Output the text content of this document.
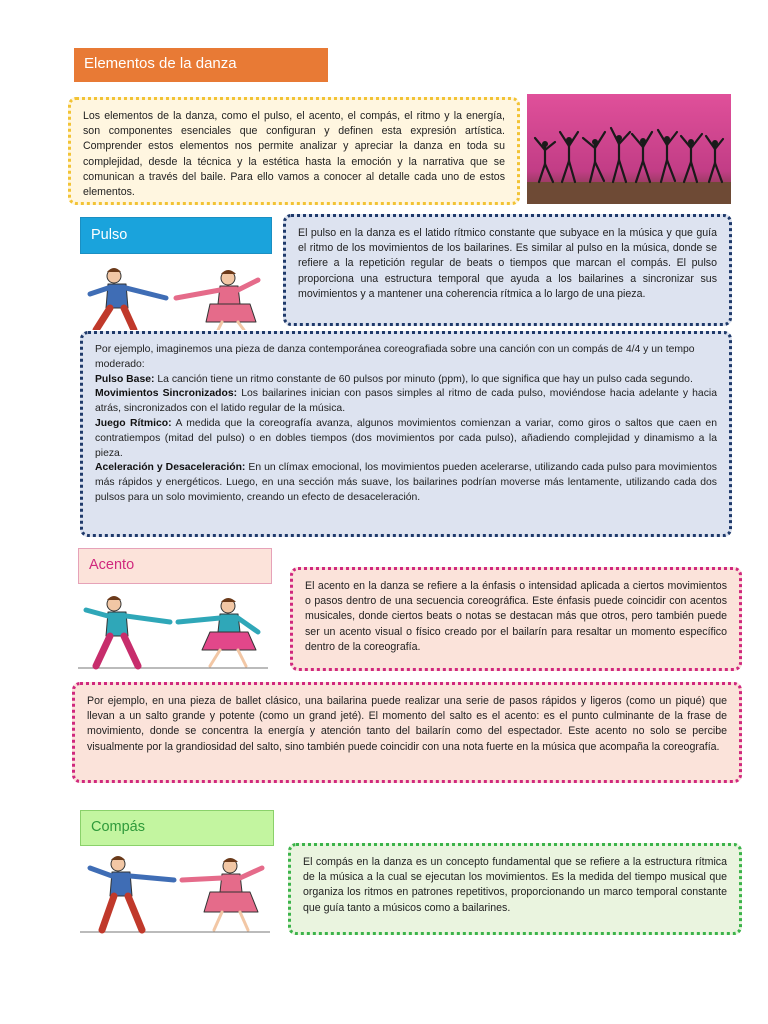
Elementos de la danza

Los elementos de la danza, como el pulso, el acento, el compás, el ritmo y la energía, son componentes esenciales que configuran y definen esta expresión artística. Comprender estos elementos nos permite analizar y apreciar la danza en toda su complejidad, desde la técnica y la estética hasta la emoción y la narrativa que se comunican a través del baile. Para ello vamos a conocer al detalle cada uno de estos elementos.

Pulso	El pulso en la danza es el latido rítmico constante que subyace en la música y que guía el ritmo de los movimientos de los bailarines. Es similar al pulso en la música, donde se refiere a la repetición regular de beats o tiempos que marcan el compás. El pulso proporciona una estructura temporal que ayuda a los bailarines a sincronizar sus movimientos y a mantener una coherencia rítmica a lo largo de una pieza.

Por ejemplo, imaginemos una pieza de danza contemporánea coreografiada sobre una canción con un compás de 4/4 y un tempo moderado:

Pulso Base: La canción tiene un ritmo constante de 60 pulsos por minuto (ppm), lo que significa que hay un pulso cada segundo.

Movimientos Sincronizados: Los bailarines inician con pasos simples al ritmo de cada pulso, moviéndose hacia adelante y hacia atrás, sincronizados con el latido regular de la música.

Juego Rítmico: A medida que la coreografía avanza, algunos movimientos comienzan a variar, como giros o saltos que caen en contratiempos (mitad del pulso) o en dobles tiempos (dos movimientos por cada pulso), añadiendo complejidad y dinamismo a la pieza.

Aceleración y Desaceleración: En un clímax emocional, los movimientos pueden acelerarse, utilizando cada pulso para movimientos más rápidos y energéticos. Luego, en una sección más suave, los bailarines podrían moverse más lentamente, utilizando cada dos pulsos para un solo movimiento, creando un efecto de desaceleración.

Acento

El acento en la danza se refiere a la énfasis o intensidad aplicada a ciertos movimientos o pasos dentro de una secuencia coreográfica. Este énfasis puede coincidir con acentos musicales, donde ciertos beats o notas se destacan más que otros, pero también puede ser un acento visual o físico creado por el bailarín para resaltar un momento específico dentro de la coreografía.

Por ejemplo, en una pieza de ballet clásico, una bailarina puede realizar una serie de pasos rápidos y ligeros (como un piqué) que llevan a un salto grande y potente (como un grand jeté). El momento del salto es el acento: es el punto culminante de la frase de movimiento, donde se concentra la energía y atención tanto del bailarín como del espectador. Este acento no solo se percibe visualmente por la grandiosidad del salto, sino también puede coincidir con una nota fuerte en la música que acompaña la coreografía.

Compás

El compás en la danza es un concepto fundamental que se refiere a la estructura rítmica de la música a la cual se ejecutan los movimientos. Es la medida del tiempo musical que organiza los ritmos en patrones repetitivos, proporcionando un marco temporal constante que guía tanto a músicos como a bailarines.
